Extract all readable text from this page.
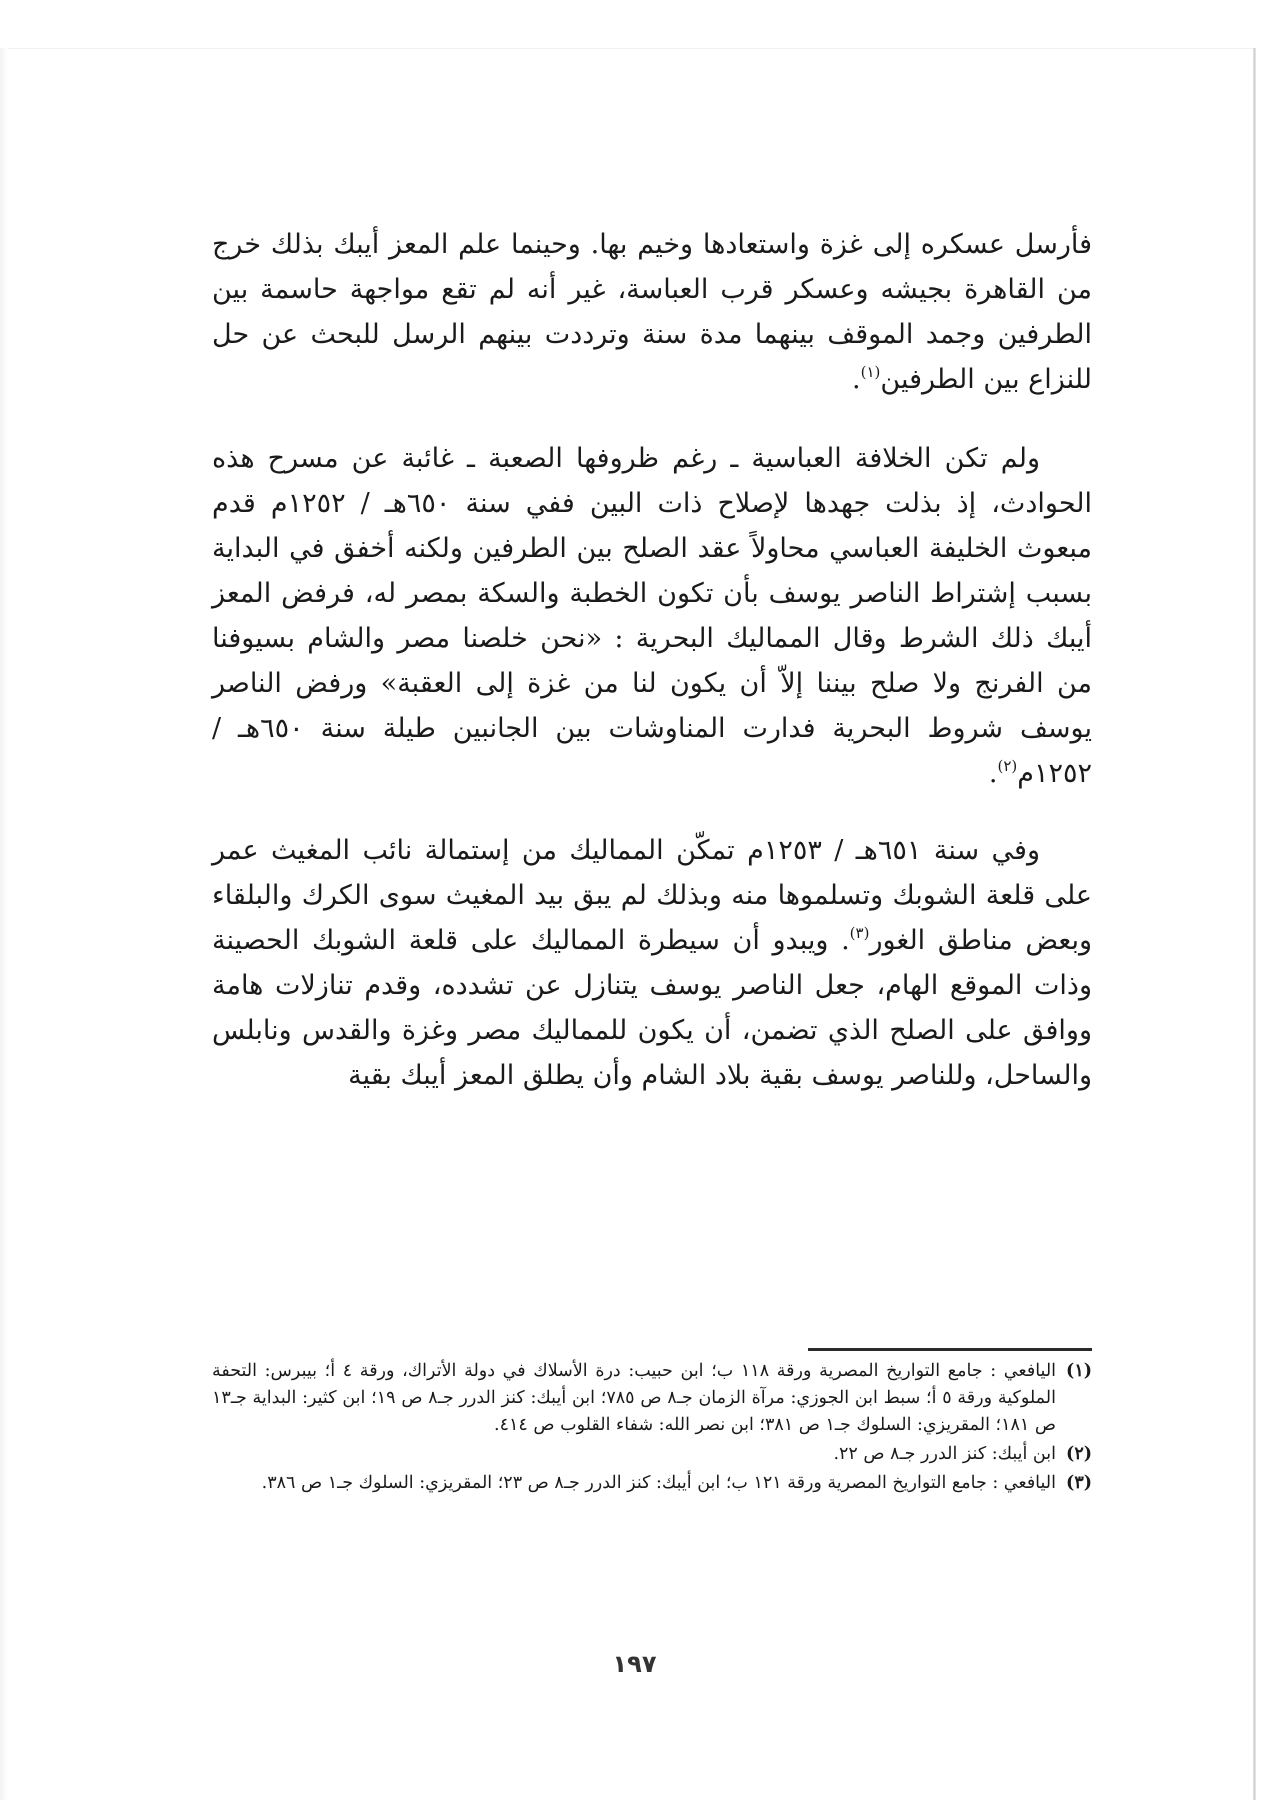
فأرسل عسكره إلى غزة واستعادها وخيم بها. وحينما علم المعز أيبك بذلك خرج من القاهرة بجيشه وعسكر قرب العباسة، غير أنه لم تقع مواجهة حاسمة بين الطرفين وجمد الموقف بينهما مدة سنة وترددت بينهم الرسل للبحث عن حل للنزاع بين الطرفين$^{(١)}$.

ولم تكن الخلافة العباسية ـ رغم ظروفها الصعبة ـ غائبة عن مسرح هذه الحوادث، إذ بذلت جهدها لإصلاح ذات البين ففي سنة ٦٥٠هـ / ١٢٥٢م قدم مبعوث الخليفة العباسي محاولاً عقد الصلح بين الطرفين ولكنه أخفق في البداية بسبب إشتراط الناصر يوسف بأن تكون الخطبة والسكة بمصر له، فرفض المعز أيبك ذلك الشرط وقال المماليك البحرية : «نحن خلصنا مصر والشام بسيوفنا من الفرنج ولا صلح بيننا إلاّ أن يكون لنا من غزة إلى العقبة» ورفض الناصر يوسف شروط البحرية فدارت المناوشات بين الجانبين طيلة سنة ٦٥٠هـ / ١٢٥٢م$^{(٢)}$.

وفي سنة ٦٥١هـ / ١٢٥٣م تمكّن المماليك من إستمالة نائب المغيث عمر على قلعة الشوبك وتسلموها منه وبذلك لم يبق بيد المغيث سوى الكرك والبلقاء وبعض مناطق الغور$^{(٣)}$. ويبدو أن سيطرة المماليك على قلعة الشوبك الحصينة وذات الموقع الهام، جعل الناصر يوسف يتنازل عن تشدده، وقدم تنازلات هامة ووافق على الصلح الذي تضمن، أن يكون للمماليك مصر وغزة والقدس ونابلس والساحل، وللناصر يوسف بقية بلاد الشام وأن يطلق المعز أيبك بقية

(١)اليافعي : جامع التواريخ المصرية ورقة ١١٨ ب؛ ابن حبيب: درة الأسلاك في دولة الأتراك، ورقة ٤ أ؛ بيبرس: التحفة الملوكية ورقة ٥ أ؛ سبط ابن الجوزي: مرآة الزمان جـ٨ ص ٧٨٥؛ ابن أيبك: كنز الدرر جـ٨ ص ١٩؛ ابن كثير: البداية جـ١٣ ص ١٨١؛ المقريزي: السلوك جـ١ ص ٣٨١؛ ابن نصر الله: شفاء القلوب ص ٤١٤.

(٢)ابن أيبك: كنز الدرر جـ٨ ص ٢٢.

(٣)اليافعي : جامع التواريخ المصرية ورقة ١٢١ ب؛ ابن أيبك: كنز الدرر جـ٨ ص ٢٣؛ المقريزي: السلوك جـ١ ص ٣٨٦.

١٩٧
